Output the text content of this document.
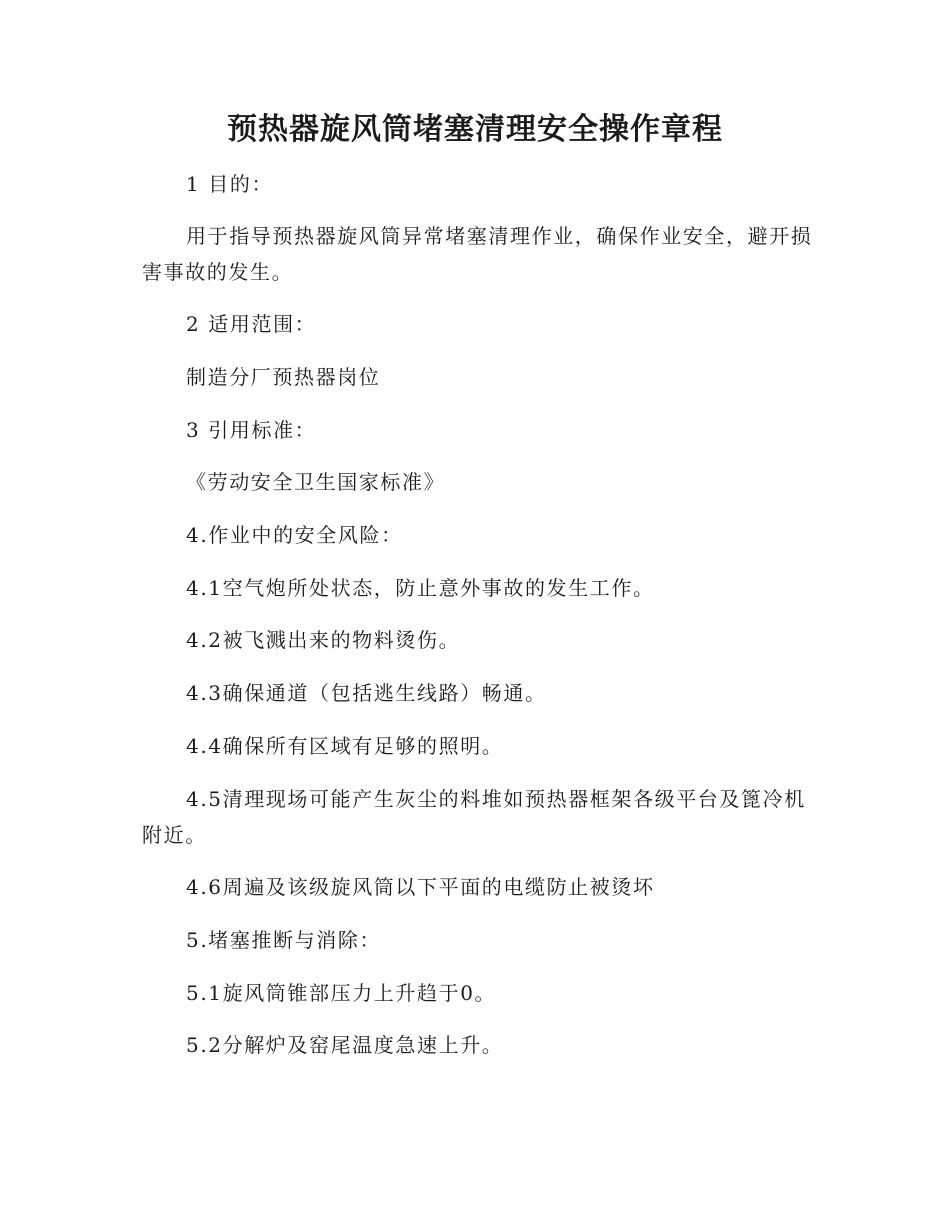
预热器旋风筒堵塞清理安全操作章程

1 目的：

用于指导预热器旋风筒异常堵塞清理作业，确保作业安全，避开损害事故的发生。

2 适用范围：

制造分厂预热器岗位

3 引用标准：

《劳动安全卫生国家标准》

4.作业中的安全风险：

4.1空气炮所处状态，防止意外事故的发生工作。

4.2被飞溅出来的物料烫伤。

4.3确保通道（包括逃生线路）畅通。

4.4确保所有区域有足够的照明。

4.5清理现场可能产生灰尘的料堆如预热器框架各级平台及篦冷机附近。

4.6周遍及该级旋风筒以下平面的电缆防止被烫坏

5.堵塞推断与消除：

5.1旋风筒锥部压力上升趋于0。

5.2分解炉及窑尾温度急速上升。
